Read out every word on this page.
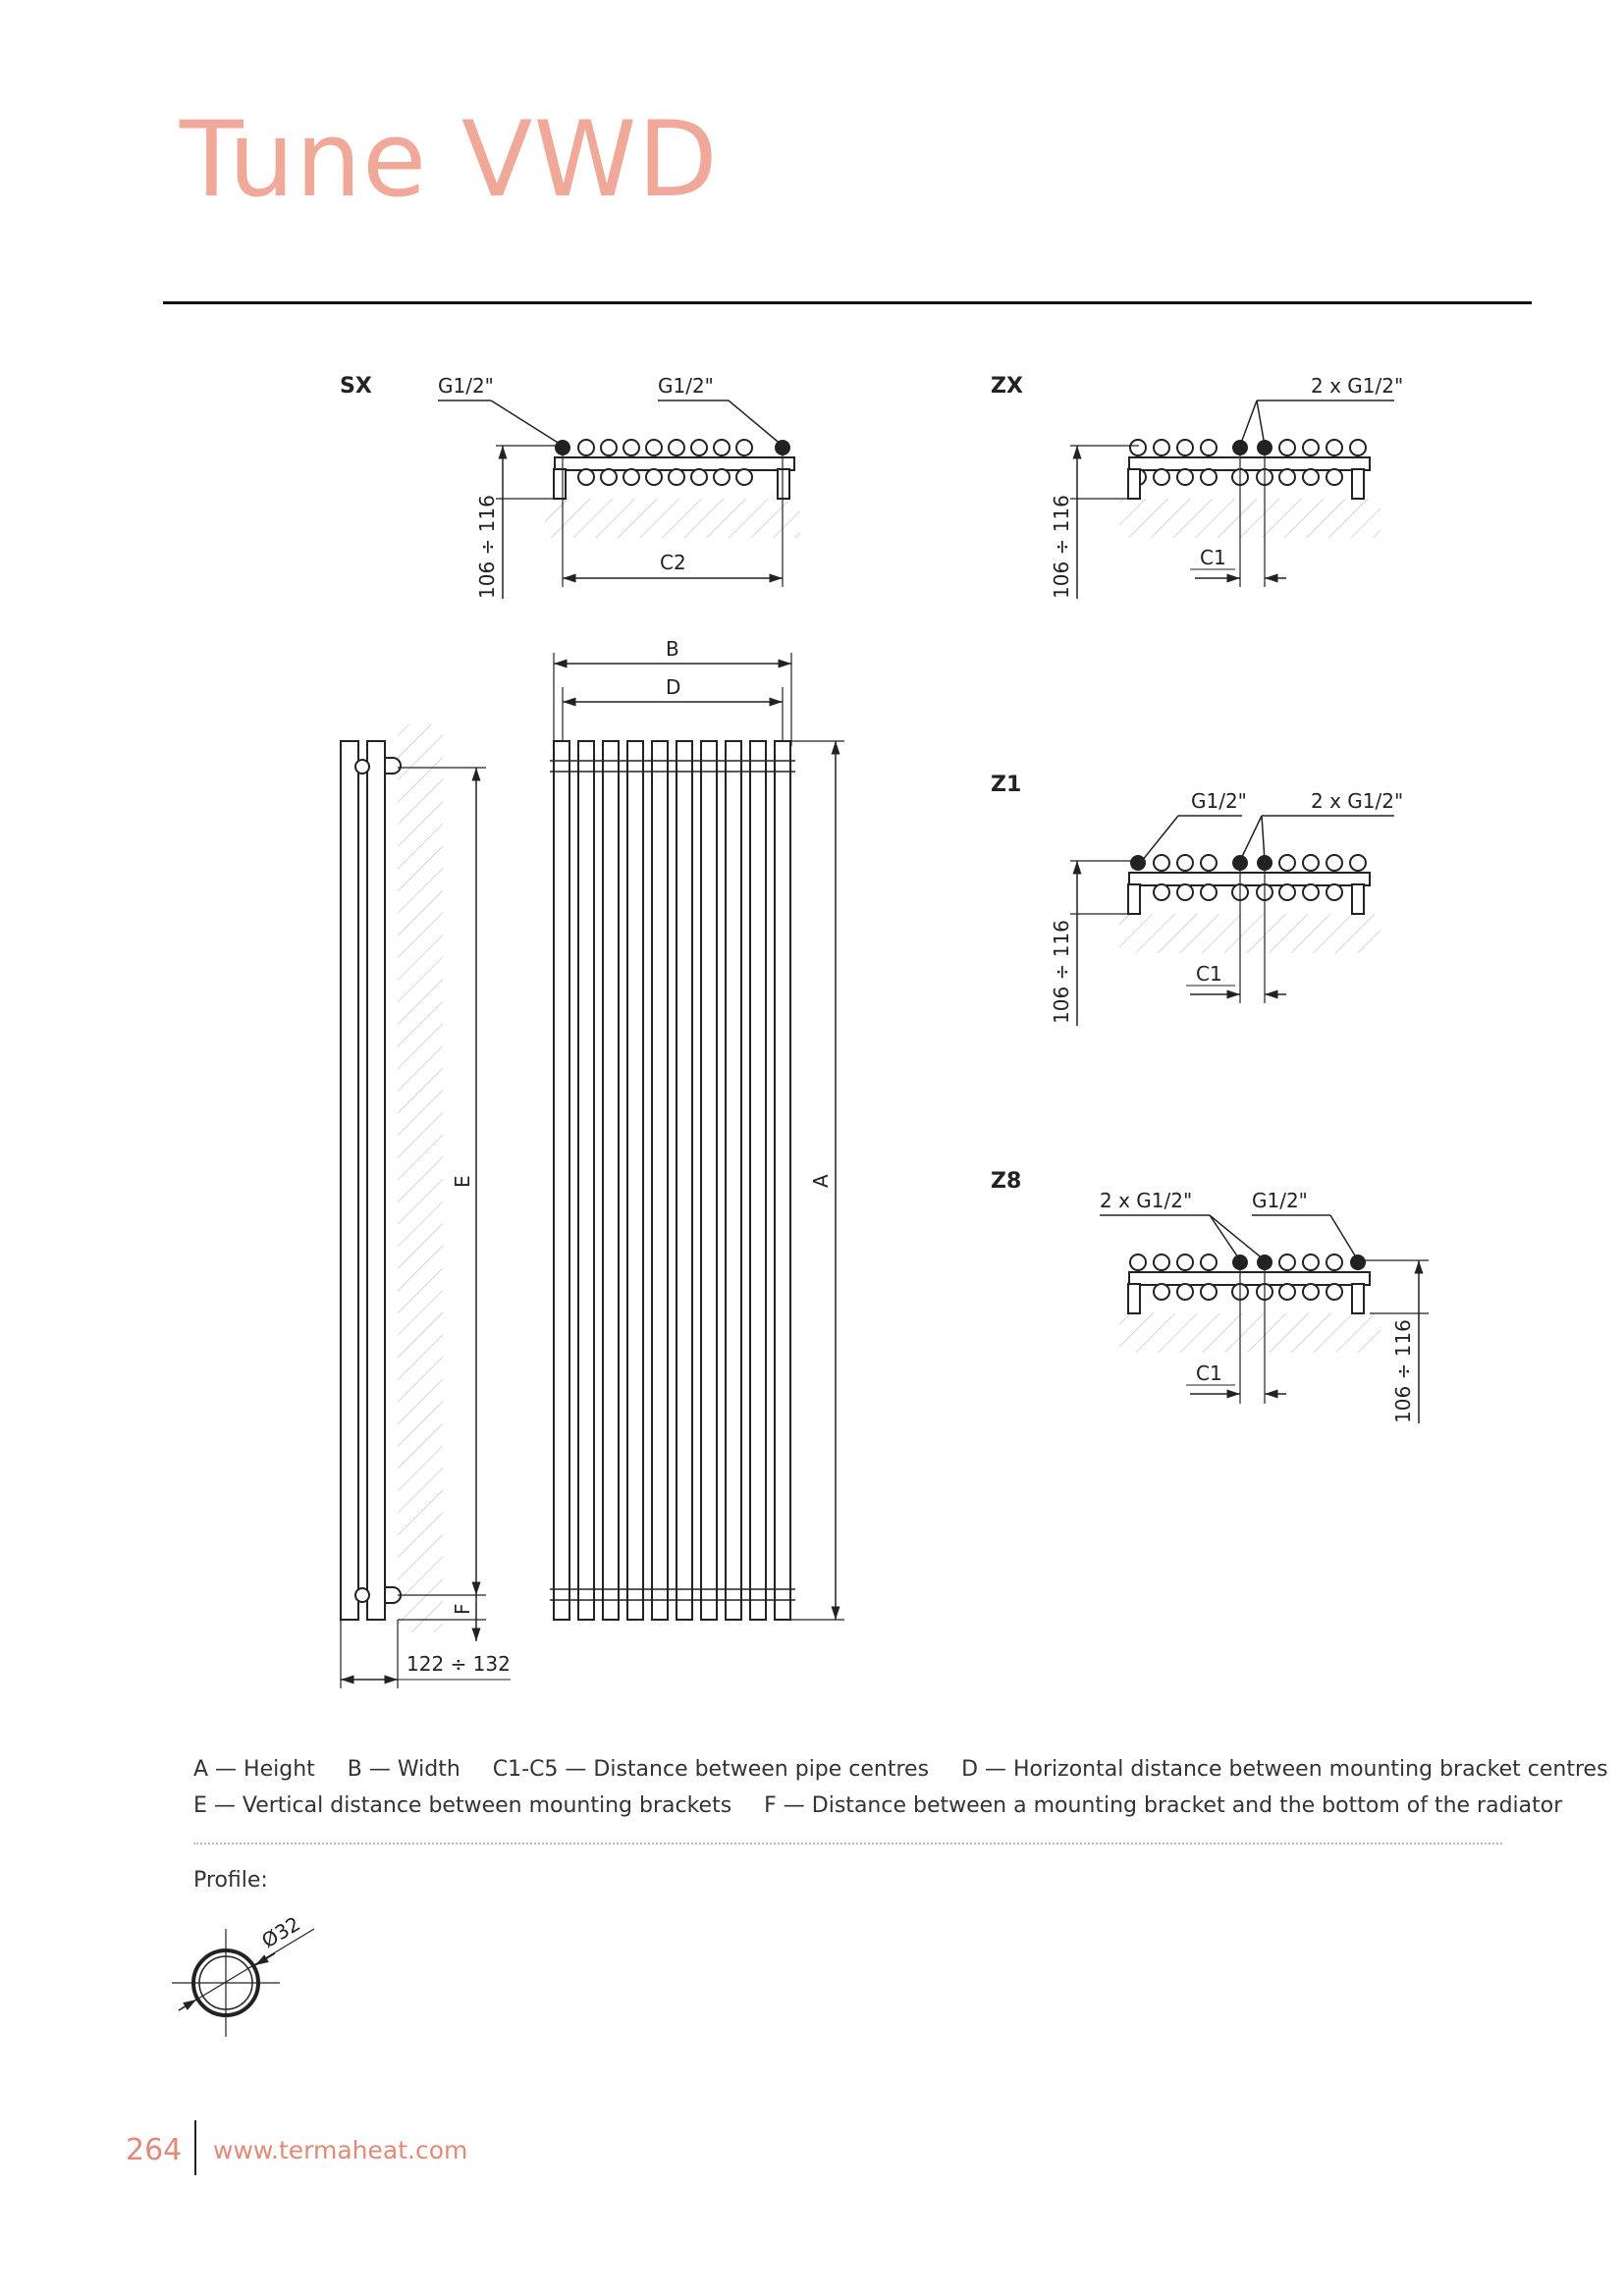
Tune VWD
SX	G1/2"	G1/2"
106 ÷ 116	C2
ZX	2 x G1/2"
106 ÷ 116	C1
Z1
G1/2"	2 x G1/2"
106 ÷ 116	C1
Z8
2 x G1/2"	G1/2"
106 ÷ 116
C1
E
F
122 ÷ 132
B
D
A
Ø32
A — Height B — Width C1-C5 — Distance between pipe centres D — Horizontal distance between mounting bracket centres
E — Vertical distance between mounting brackets F — Distance between a mounting bracket and the bottom of the radiator
Profile:
264 www.termaheat.com
